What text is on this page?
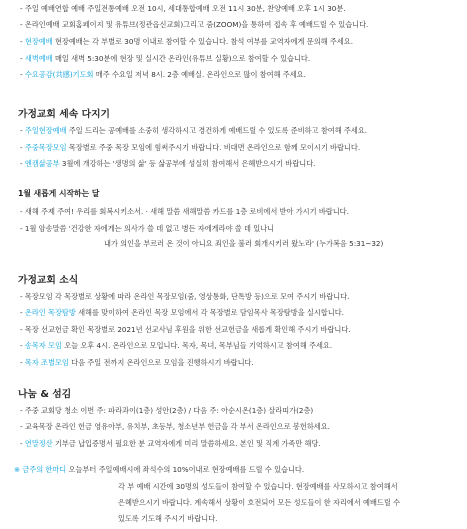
- 주일 예배연합 예배 주일전통예배 오전 10시, 세대통합예배 오전 11시 30분, 찬양예배 오후 1시 30분.
- 온라인예배 교회홈페이지 및 유튜브(정관읍신교회)그리고 줌(ZOOM)을 통하여 접속 후 예배드릴 수 있습니다.
- 현장예배 현장예배는 각 부별로 30명 이내로 참여할 수 있습니다. 참석 여부를 교역자에게 문의해 주세요.
- 새벽예배 매일 새벽 5:30분에 현장 및 실시간 온라인(유튜브 실황)으로 참여할 수 있습니다.
- 수요공감(共感)기도회 매주 수요일 저녁 8시. 2층 예배실. 온라인으로 많이 참여해 주세요.
가정교회 세속 다지기
- 주일현장예배 주일 드리는 공예배를 소중히 생각하시고 경건하게 예배드릴 수 있도록 준비하고 참여해 주세요.
- 주중목장모임 목장별로 주중 목장 모임에 힘써주시기 바랍니다. 비대면 온라인으로 함께 모이시기 바랍니다.
- 엔캠삶공부 3월에 개강하는 '생명의 삶' 등 삶공부에 성실히 참여해서 은혜받으시기 바랍니다.
1월 새롭게 시작하는 달
- 새해 주제 주여! 우리를 회복시키소서. · 새해 말씀 새해말씀 카드를 1층 로비에서 받아 가시기 바랍니다.
- 1월 암송말씀 '건강한 자에게는 의사가 쓸 데 없고 병든 자에게라야 쓸 데 있나니
내가 의인을 부르러 온 것이 아니요 죄인을 불러 회개시키러 왔노라' (누가복음 5:31~32)
가정교회 소식
- 목장모임 각 목장별로 상황에 따라 온라인 목장모임(줌, 영상통화, 단톡방 등)으로 모여 주시기 바랍니다.
- 온라인 목장탐방 새해를 맞이하여 온라인 목장 모임에서 각 목장별로 담임목사 목장탐방을 실시합니다.
- 목장 선교헌금 확인 목장별로 2021년 선교사님 후원을 위한 선교헌금을 새롭게 확인해 주시기 바랍니다.
- 송목자 모임 오늘 오후 4시. 온라인으로 모입니다. 목자, 목녀, 목부님들 기억하시고 참여해 주세요.
- 목자 조별모임 다음 주일 전까지 온라인으로 모임을 진행하시기 바랍니다.
나눔 & 섬김
- 주중 교회당 청소 이번 주: 파라과이(1층) 성안(2층) / 다음 주: 아순시온(1층) 살라띠가(2층)
- 교육목장 온라인 헌금 영유아부, 유치부, 초등부, 청소년부 헌금을 각 부서 온라인으로 봉헌하세요.
- 연말정산 기부금 납입증명서 필요한 분 교역자에게 미리 말씀하세요. 본인 및 직계 가족만 해당.
※ 금주의 한마디 오늘부터 주일예배시에 좌석수의 10%이내로 현장예배를 드릴 수 있습니다.
각 부 예배 시간에 30명의 성도들이 참여할 수 있습니다. 현장예배를 사모하시고 참여해서
은혜받으시기 바랍니다. 계속해서 상황이 호전되어 모든 성도들이 한 자리에서 예배드릴 수
있도록 기도해 주시기 바랍니다.
